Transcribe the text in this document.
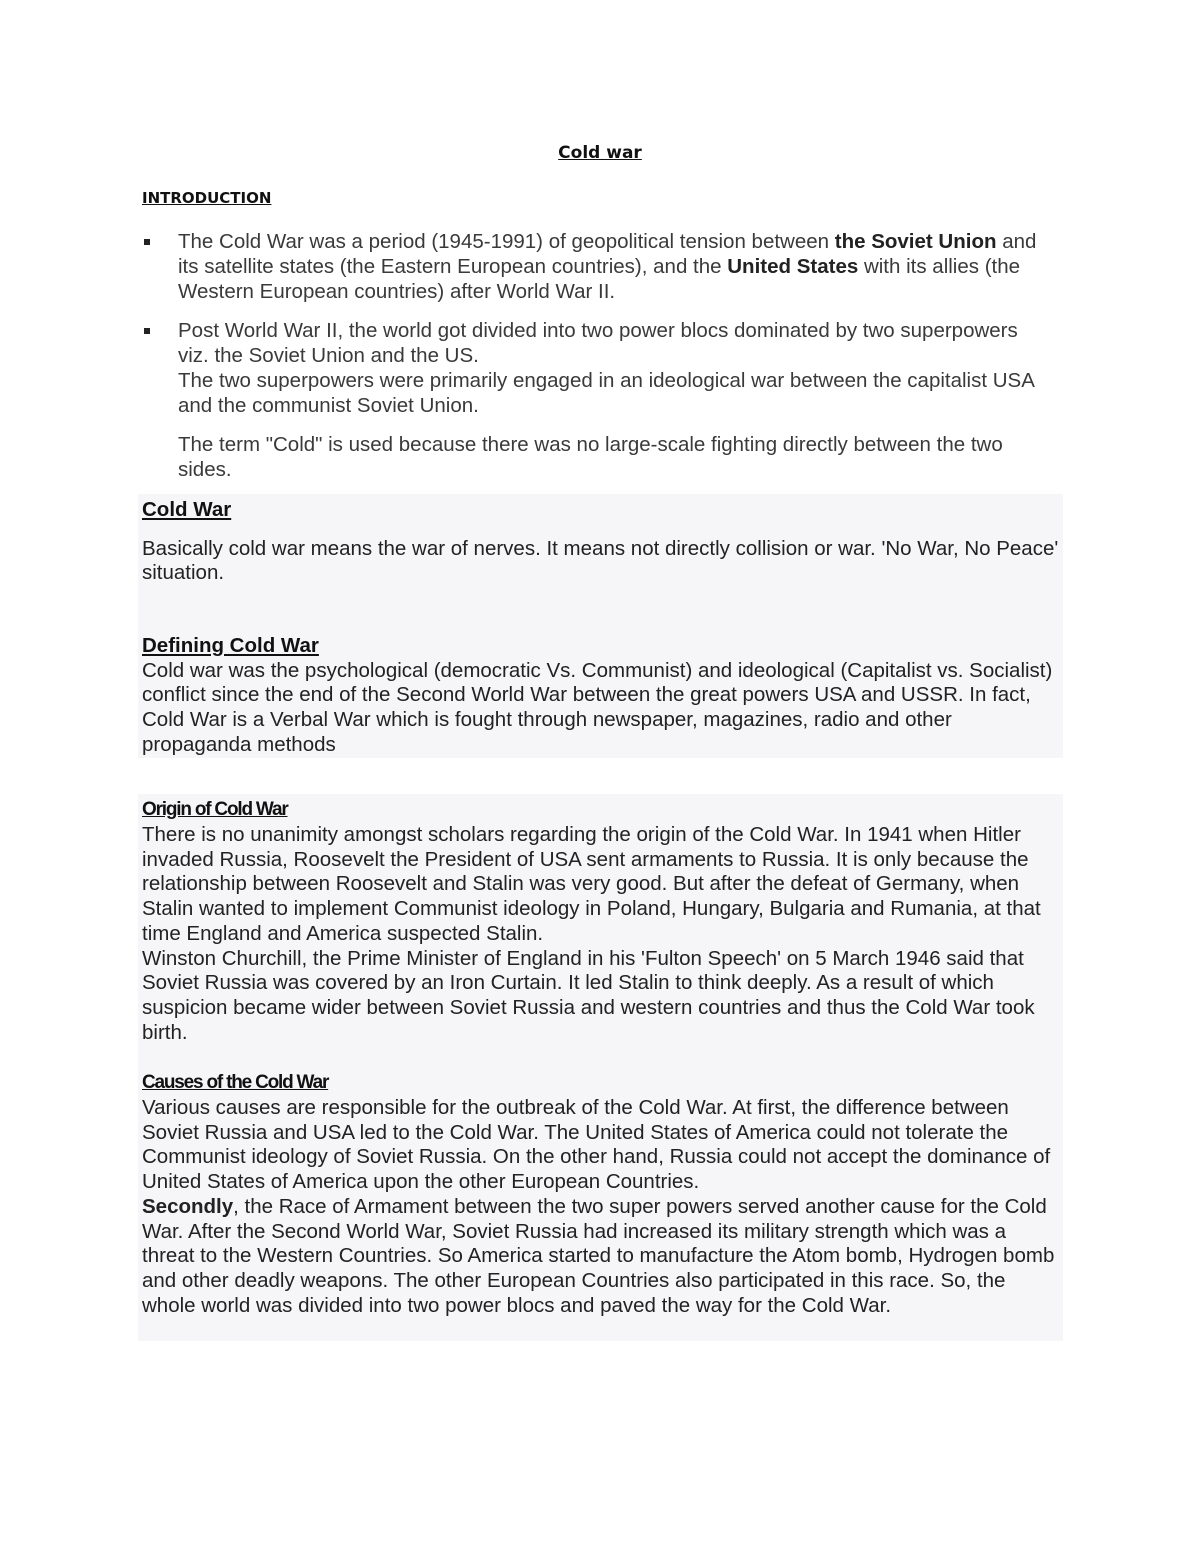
Cold war
INTRODUCTION

The Cold War was a period (1945-1991) of geopolitical tension between the Soviet Union and its satellite states (the Eastern European countries), and the United States with its allies (the Western European countries) after World War II.

Post World War II, the world got divided into two power blocs dominated by two superpowers viz. the Soviet Union and the US.

The two superpowers were primarily engaged in an ideological war between the capitalist USA and the communist Soviet Union.

The term "Cold" is used because there was no large-scale fighting directly between the two sides.

Cold War

Basically cold war means the war of nerves. It means not directly collision or war. 'No War, No Peace' situation.

Defining Cold War

Cold war was the psychological (democratic Vs. Communist) and ideological (Capitalist vs. Socialist) conflict since the end of the Second World War between the great powers USA and USSR. In fact, Cold War is a Verbal War which is fought through newspaper, magazines, radio and other propaganda methods

Origin of Cold War

There is no unanimity amongst scholars regarding the origin of the Cold War. In 1941 when Hitler invaded Russia, Roosevelt the President of USA sent armaments to Russia. It is only because the relationship between Roosevelt and Stalin was very good. But after the defeat of Germany, when Stalin wanted to implement Communist ideology in Poland, Hungary, Bulgaria and Rumania, at that time England and America suspected Stalin.

Winston Churchill, the Prime Minister of England in his 'Fulton Speech' on 5 March 1946 said that Soviet Russia was covered by an Iron Curtain. It led Stalin to think deeply. As a result of which suspicion became wider between Soviet Russia and western countries and thus the Cold War took birth.

Causes of the Cold War

Various causes are responsible for the outbreak of the Cold War. At first, the difference between Soviet Russia and USA led to the Cold War. The United States of America could not tolerate the Communist ideology of Soviet Russia. On the other hand, Russia could not accept the dominance of United States of America upon the other European Countries.

Secondly, the Race of Armament between the two super powers served another cause for the Cold War. After the Second World War, Soviet Russia had increased its military strength which was a threat to the Western Countries. So America started to manufacture the Atom bomb, Hydrogen bomb and other deadly weapons. The other European Countries also participated in this race. So, the whole world was divided into two power blocs and paved the way for the Cold War.
